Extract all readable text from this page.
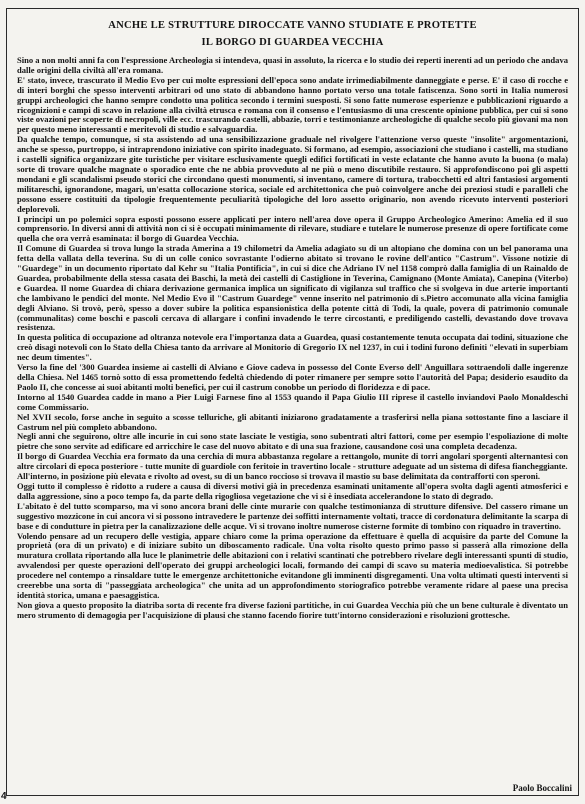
ANCHE LE STRUTTURE DIROCCATE VANNO STUDIATE E PROTETTE
IL BORGO DI GUARDEA VECCHIA

Sino a non molti anni fa con l'espressione Archeologia si intendeva, quasi in assoluto, la ricerca e lo studio dei reperti inerenti ad un periodo che andava dalle origini della civiltà all'era romana.

E' stato, invece, trascurato il Medio Evo per cui molte espressioni dell'epoca sono andate irrimediabilmente danneggiate e perse. E' il caso di rocche e di interi borghi che spesso interventi arbitrari od uno stato di abbandono hanno portato verso una totale fatiscenza. Sono sorti in Italia numerosi gruppi archeologici che hanno sempre condotto una politica secondo i termini suesposti. Si sono fatte numerose esperienze e pubblicazioni riguardo a ricognizioni e campi di scavo in relazione alla civiltà etrusca e romana con il consenso e l'entusiasmo di una crescente opinione pubblica, per cui si sono viste ovazioni per scoperte di necropoli, ville ecc. trascurando castelli, abbazie, torri e testimonianze archeologiche di qualche secolo più giovani ma non per questo meno interessanti e meritevoli di studio e salvaguardia.

Da qualche tempo, comunque, si sta assistendo ad una sensibilizzazione graduale nel rivolgere l'attenzione verso queste "insolite" argomentazioni, anche se spesso, purtroppo, si intraprendono iniziative con spirito inadeguato. Si formano, ad esempio, associazioni che studiano i castelli, ma studiano i castelli significa organizzare gite turistiche per visitare esclusivamente quegli edifici fortificati in veste eclatante che hanno avuto la buona (o mala) sorte di trovare qualche magnate o sporadico ente che ne abbia provveduto al ne più o meno discutibile restauro. Si approfondiscono poi gli aspetti mondani e gli scandalismi pseudo storici che circondano questi monumenti, si inventano, camere di tortura, trabocchetti ed altri fantasiosi argomenti militareschi, ignorandone, magari, un'esatta collocazione storica, sociale ed architettonica che può coinvolgere anche dei preziosi studi e paralleli che possono essere costituiti da tipologie frequentemente peculiarità tipologiche del loro assetto originario, non avendo ricevuto interventi posteriori deplorevoli.

I principi un po polemici sopra esposti possono essere applicati per intero nell'area dove opera il Gruppo Archeologico Amerino: Amelia ed il suo comprensorio. In diversi anni di attività non ci si è occupati minimamente di rilevare, studiare e tutelare le numerose presenze di opere fortificate come quella che ora verrà esaminata: il borgo di Guardea Vecchia.

Il Comune di Guardea si trova lungo la strada Amerina a 19 chilometri da Amelia adagiato su di un altopiano che domina con un bel panorama una fetta della vallata della teverina. Su di un colle conico sovrastante l'odierno abitato si trovano le rovine dell'antico "Castrum". Vissone notizie di "Guardege" in un documento riportato dal Kehr su "Italia Pontificia", in cui si dice che Adriano IV nel 1158 comprò dalla famiglia di un Rainaldo de Guardea, probabilmente della stessa casata dei Baschi, la metà dei castelli di Castiglione in Teverina, Camignano (Monte Amiata), Canepina (Viterbo) e Guardea. Il nome Guardea di chiara derivazione germanica implica un significato di vigilanza sul traffico che si svolgeva in due arterie importanti che lambivano le pendici del monte. Nel Medio Evo il "Castrum Guardege" venne inserito nel patrimonio di s.Pietro accomunato alla vicina famiglia degli Alviano. Si trovò, però, spesso a dover subire la politica espansionistica della potente città di Todi, la quale, povera di patrimonio comunale (communalitas) come boschi e pascoli cercava di allargare i confini invadendo le terre circostanti, e prediligendo castelli, devastando dove trovava resistenza.

In questa politica di occupazione ad oltranza notevole era l'importanza data a Guardea, quasi costantemente tenuta occupata dai todini, situazione che creò disagi notevoli con lo Stato della Chiesa tanto da arrivare al Monitorio di Gregorio IX nel 1237, in cui i todini furono definiti "elevati in superbiam nec deum timentes".

Verso la fine del '300 Guardea insieme ai castelli di Alviano e Giove cadeva in possesso del Conte Everso dell' Anguillara sottraendoli dalle ingerenze della Chiesa. Nel 1465 tornò sotto di essa promettendo fedeltà chiedendo di poter rimanere per sempre sotto l'autorità del Papa; desiderio esaudito da Paolo II, che concesse ai suoi abitanti molti benefici, per cui il castrum conobbe un periodo di floridezza e di pace.

Intorno al 1540 Guardea cadde in mano a Pier Luigi Farnese fino al 1553 quando il Papa Giulio III riprese il castello inviandovi Paolo Monaldeschi come Commissario.

Nel XVII secolo, forse anche in seguito a scosse telluriche, gli abitanti iniziarono gradatamente a trasferirsi nella piana sottostante fino a lasciare il Castrum nel più completo abbandono.

Negli anni che seguirono, oltre alle incurie in cui sono state lasciate le vestigia, sono subentrati altri fattori, come per esempio l'espoliazione di molte pietre che sono servite ad edificare ed arricchire le case del nuovo abitato e di una sua frazione, causandone così una completa decadenza.

Il borgo di Guardea Vecchia era formato da una cerchia di mura abbastanza regolare a rettangolo, munite di torri angolari sporgenti alternantesi con altre circolari di epoca posteriore - tutte munite di guardiole con feritoie in travertino locale - strutture adeguate ad un sistema di difesa fiancheggiante.

All'interno, in posizione più elevata e rivolto ad ovest, su di un banco roccioso si trovava il mastio su base delimitata da contrafforti con speroni.

Oggi tutto il complesso è ridotto a rudere a causa di diversi motivi già in precedenza esaminati unitamente all'opera svolta dagli agenti atmosferici e dalla aggressione, sino a poco tempo fa, da parte della rigogliosa vegetazione che vi si è insediata accelerandone lo stato di degrado.

L'abitato è del tutto scomparso, ma vi sono ancora brani delle cinte murarie con qualche testimonianza di strutture difensive. Del cassero rimane un suggestivo mozzicone in cui ancora vi si possono intravedere le partenze dei soffitti internamente voltati, tracce di cordonatura delimitante la scarpa di base e di condutture in pietra per la canalizzazione delle acque. Vi si trovano inoltre numerose cisterne formite di tombino con riquadro in travertino.

Volendo pensare ad un recupero delle vestigia, appare chiaro come la prima operazione da effettuare è quella di acquisire da parte del Comune la proprietà (ora di un privato) e di iniziare subito un diboscamento radicale. Una volta risolto questo primo passo si passerà alla rimozione della muratura crollata riportando alla luce le planimetrie delle abitazioni con i relativi scantinati che potrebbero rivelare degli interessanti spunti di studio, avvalendosi per queste operazioni dell'operato dei gruppi archeologici locali, formando dei campi di scavo su materia medioevalistica. Si potrebbe procedere nel contempo a rinsaldare tutte le emergenze architettoniche evitandone gli imminenti disgregamenti. Una volta ultimati questi interventi si creerebbe una sorta di "passeggiata archeologica" che unita ad un approfondimento storiografico potrebbe veramente ridare al paese una precisa identità storica, umana e paesaggistica.

Non giova a questo proposito la diatriba sorta di recente fra diverse fazioni partitiche, in cui Guardea Vecchia più che un bene culturale è diventato un mero strumento di demagogia per l'acquisizione di plausi che stanno facendo fiorire tutt'intorno considerazioni e risoluzioni grottesche.

Paolo Boccalini
4
